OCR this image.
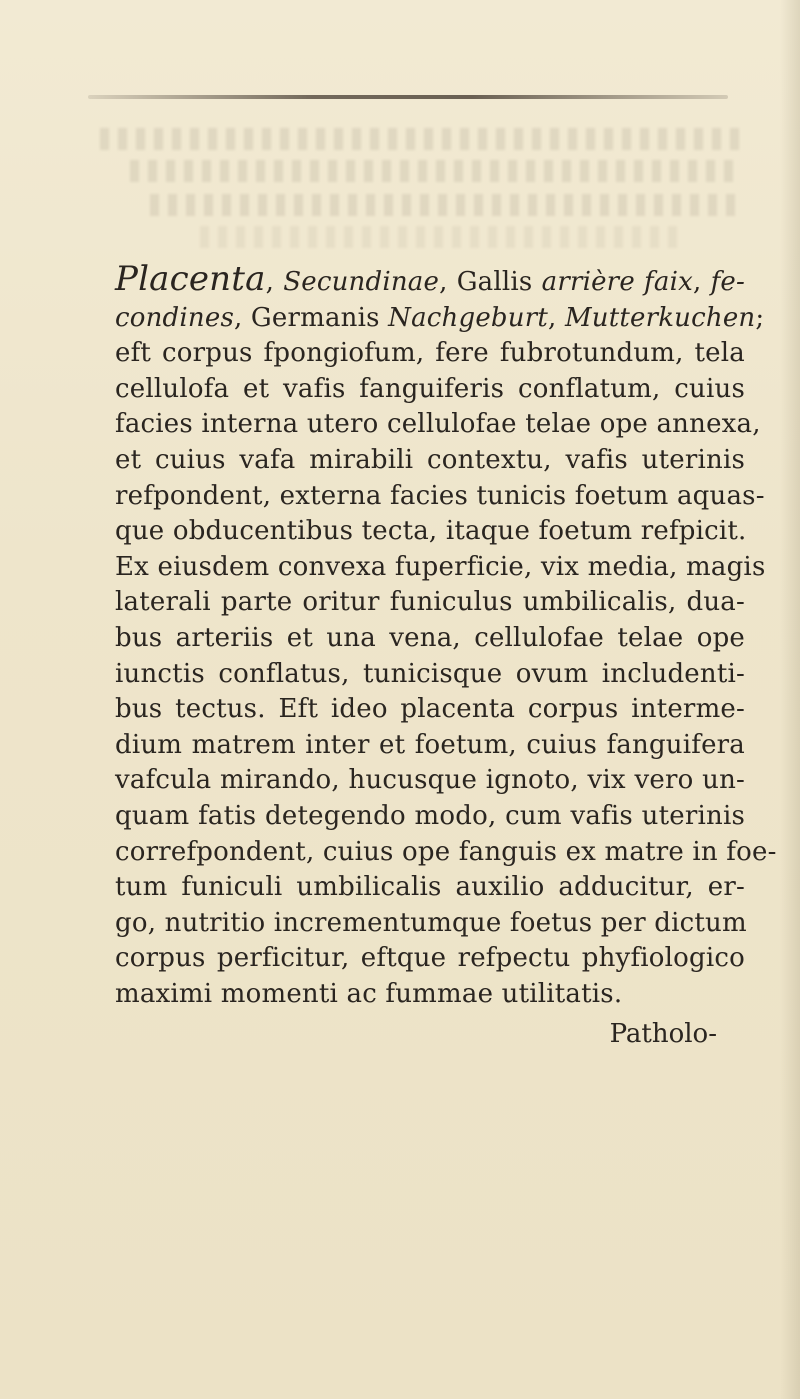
Placenta, Secundinae, Gallis arrière faix, fe-
condines, Germanis Nachgeburt, Mutterkuchen;
eft corpus fpongiofum, fere fubrotundum, tela
cellulofa et vafis fanguiferis conflatum, cuius
facies interna utero cellulofae telae ope annexa,
et cuius vafa mirabili contextu, vafis uterinis
refpondent, externa facies tunicis foetum aquas-
que obducentibus tecta, itaque foetum refpicit.
Ex eiusdem convexa fuperficie, vix media, magis
laterali parte oritur funiculus umbilicalis, dua-
bus arteriis et una vena, cellulofae telae ope
iunctis conflatus, tunicisque ovum includenti-
bus tectus. Eft ideo placenta corpus interme-
dium matrem inter et foetum, cuius fanguifera
vafcula mirando, hucusque ignoto, vix vero un-
quam fatis detegendo modo, cum vafis uterinis
correfpondent, cuius ope fanguis ex matre in foe-
tum funiculi umbilicalis auxilio adducitur, er-
go, nutritio incrementumque foetus per dictum
corpus perficitur, eftque refpectu phyfiologico
maximi momenti ac fummae utilitatis.
Patholo-
